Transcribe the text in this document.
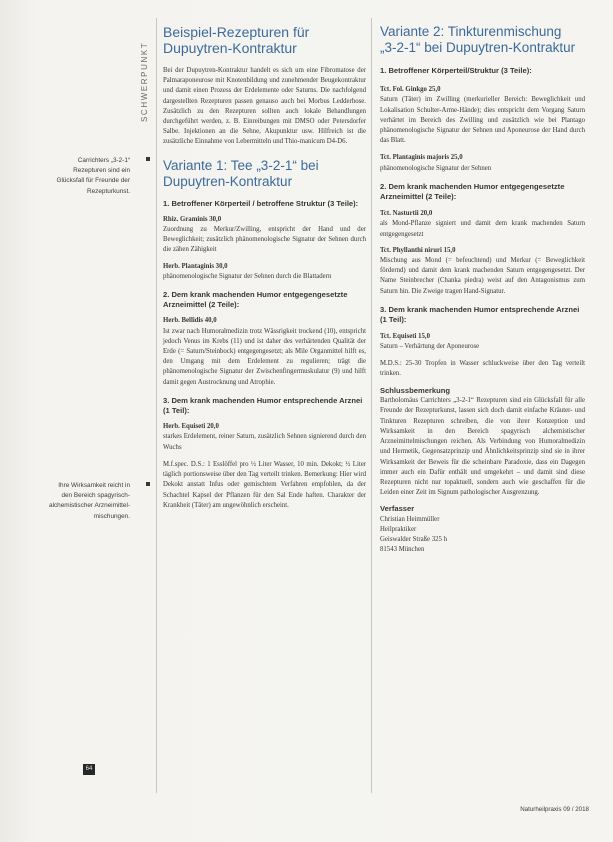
SCHWERPUNKT
Carrichters „3-2-1“ Rezepturen sind ein Glücksfall für Freunde der Rezepturkunst.
Ihre Wirksamkeit reicht in den Bereich spagyrisch-alchemistischer Arzneimittel-mischungen.
Beispiel-Rezepturen für
Dupuytren-Kontraktur

Bei der Dupuytren-Kontraktur handelt es sich um eine Fibromatose der Palmaraponeurose mit Knotenbildung und zunehmender Beugekontraktur und damit einen Prozess der Erdelemente oder Saturns. Die nachfolgend dargestellten Rezepturen passen genauso auch bei Morbus Ledderhose. Zusätzlich zu den Rezepturen sollten auch lokale Behandlungen durchgeführt werden, z. B. Einreibungen mit DMSO oder Petersdorfer Salbe. Injektionen an die Sehne, Akupunktur usw. Hilfreich ist die zusätzliche Einnahme von Lebermitteln und Thio-manicum D4-D6.

Variante 1: Tee „3-2-1“ bei
Dupuytren-Kontraktur
1. Betroffener Körperteil / betroffene Struktur (3 Teile):
Rhiz. Graminis 30,0

Zuordnung zu Merkur/Zwilling, entspricht der Hand und der Beweglichkeit; zusätzlich phänomenologische Signatur der Sehnen durch die zähen Zähigkeit

Herb. Plantaginis 30,0

phänomenologische Signatur der Sehnen durch die Blattadern

2. Dem krank machenden Humor entgegengesetzte Arzneimittel (2 Teile):
Herb. Bellidis 40,0

Ist zwar nach Humoralmedizin trotz Wässrigkeit trockend (10), entspricht jedoch Venus im Krebs (11) und ist daher des verhärtenden Qualität der Erde (= Saturn/Steinbock) entgegengesetzt; als Mile Organmittel hilft es, den Umgang mit dem Erdelement zu regulieren; trägt die phänomenologische Signatur der Zwischenfingermuskulatur (9) und hilft damit gegen Austrocknung und Atrophie.

3. Dem krank machenden Humor entsprechende Arznei (1 Teil):
Herb. Equiseti 20,0

starkes Erdelement, reiner Saturn, zusätzlich Sehnen signierend durch den Wuchs

M.f.spec. D.S.: 1 Esslöffel pro ½ Liter Wasser, 10 min. Dekokt; ½ Liter täglich portionsweise über den Tag verteilt trinken. Bemerkung: Hier wird Dekokt anstatt Infus oder gemischtem Verfahren empfohlen, da der Schachtel Kapsel der Pflanzen für den Sal Ende haften. Charakter der Krankheit (Täter) am ungewöhnlich erscheint.

Variante 2: Tinkturenmischung
„3-2-1“ bei Dupuytren-Kontraktur
1. Betroffener Körperteil/Struktur (3 Teile):
Tct. Fol. Ginkgo 25,0

Saturn (Täter) im Zwilling (merkurieller Bereich: Beweglichkeit und Lokalisation Schulter-Arme-Hände); dies entspricht dem Vorgang Saturn verhärtet im Bereich des Zwilling und zusätzlich wie bei Plantago phänomenologische Signatur der Sehnen und Aponeurose der Hand durch das Blatt.

Tct. Plantaginis majoris 25,0

phänomenologische Signatur der Sehnen

2. Dem krank machenden Humor entgegengesetzte Arzneimittel (2 Teile):
Tct. Nasturtii 20,0

als Mond-Pflanze signiert und damit dem krank machenden Saturn entgegengesetzt

Tct. Phyllanthi niruri 15,0

Mischung aus Mond (= befeuchtend) und Merkur (= Beweglichkeit fördernd) und damit dem krank machenden Saturn entgegengesetzt. Der Name Steinbrecher (Chanka piedra) weist auf den Antagonismus zum Saturn hin. Die Zweige tragen Hand-Signatur.

3. Dem krank machenden Humor entsprechende Arznei (1 Teil):
Tct. Equiseti 15,0

Saturn – Verhärtung der Aponeurose

M.D.S.: 25-30 Tropfen in Wasser schluckweise über den Tag verteilt trinken.

Schlussbemerkung

Bartholomäus Carrichters „3-2-1“ Rezepturen sind ein Glücksfall für alle Freunde der Rezepturkunst, lassen sich doch damit einfache Kräuter- und Tinkturen Rezepturen schreiben, die von ihrer Konzeption und Wirksamkeit in den Bereich spagyrisch alchemistischer Arzneimittelmischungen reichen. Als Verbindung von Humoralmedizin und Hermetik, Gegensatzprinzip und Ähnlichkeitsprinzip sind sie in ihrer Wirksamkeit der Beweis für die scheinbare Paradoxie, dass ein Dagegen immer auch ein Dafür enthält und umgekehrt – und damit sind diese Rezepturen nicht nur topaktuell, sondern auch wie geschaffen für die Leiden einer Zeit im Signum pathologischer Ausgrenzung.

Verfasser
Christian Heimmüller
Heilpraktiker
Geiswalder Straße 325 h
81543 München
64
Naturheilpraxis 09 / 2018
